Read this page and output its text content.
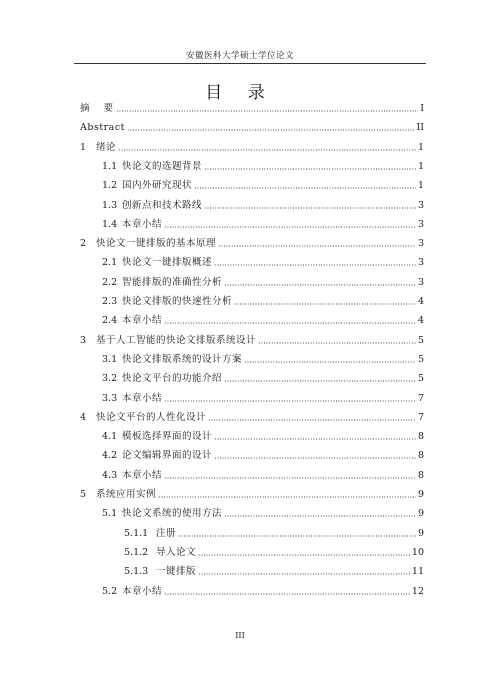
安徽医科大学硕士学位论文
目 录
摘　 要	I
Abstract	II
1	绪论	1
1.1 快论文的选题背景	1
1.2 国内外研究现状	1
1.3 创新点和技术路线	3
1.4 本章小结	3
2	快论文一键排版的基本原理	3
2.1 快论文一键排版概述	3
2.2 智能排版的准确性分析	3
2.3 快论文排版的快速性分析	4
2.4 本章小结	4
3	基于人工智能的快论文排版系统设计	5
3.1 快论文排版系统的设计方案	5
3.2 快论文平台的功能介绍	5
3.3 本章小结	7
4	快论文平台的人性化设计	7
4.1 模板选择界面的设计	8
4.2 论文编辑界面的设计	8
4.3 本章小结	8
5	系统应用实例	9
5.1 快论文系统的使用方法	9
5.1.1 注册	9
5.1.2 导入论文	10
5.1.3 一键排版	11
5.2 本章小结	12
III
